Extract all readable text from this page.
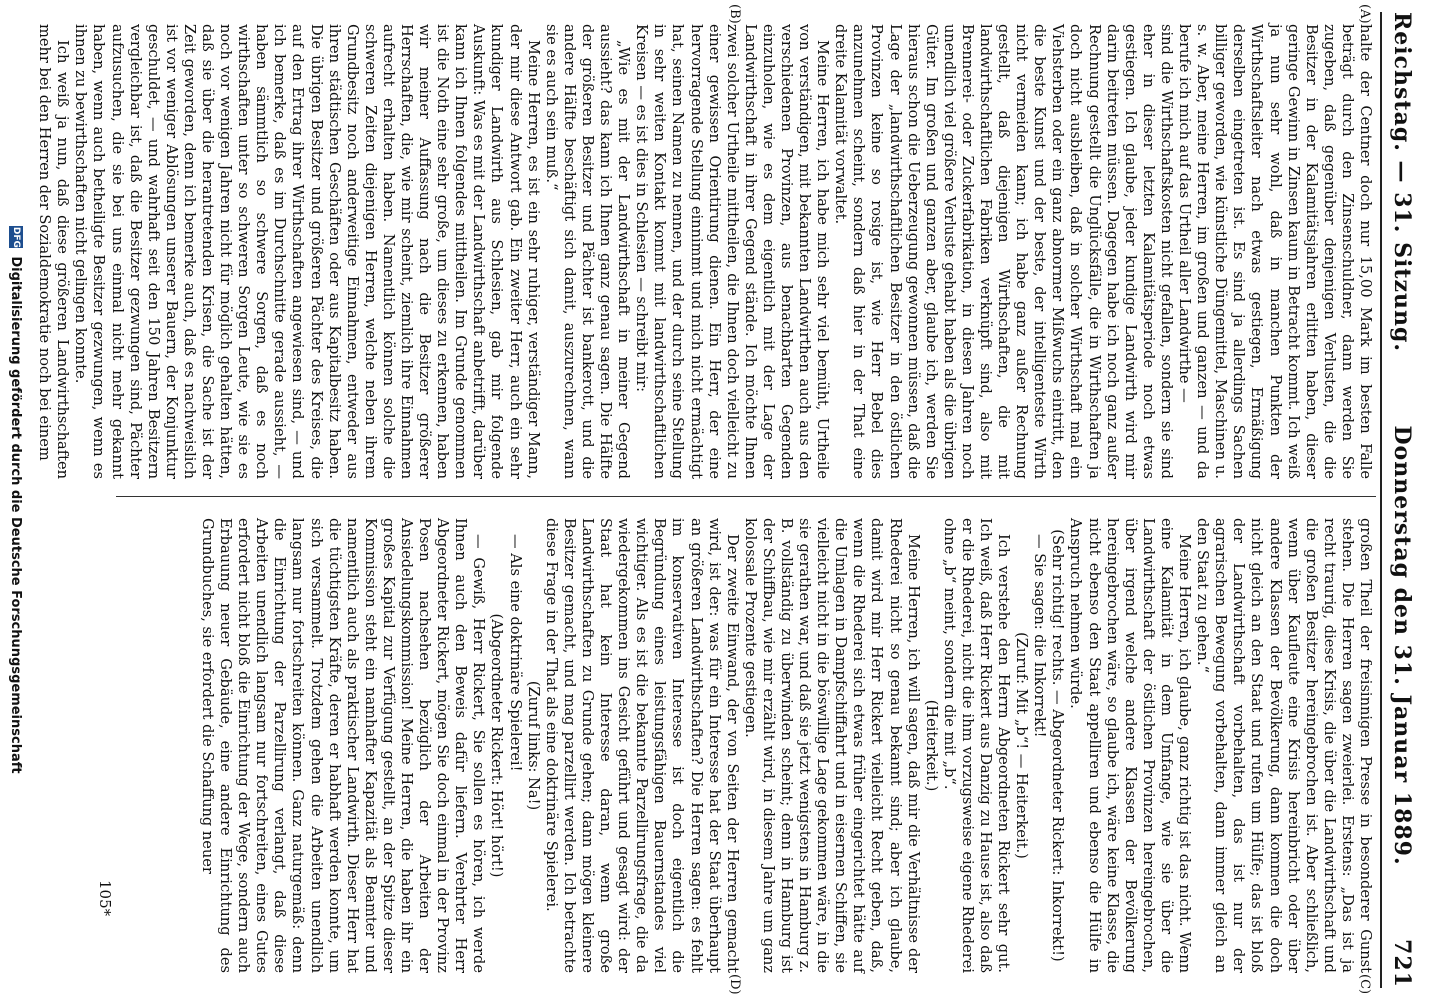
Reichstag. — 31. Sitzung.
Donnerstag den 31. Januar 1889.
721
(A)
(B)
(C)
(D)

halte der Centner doch nur 15,00 Mark im besten Falle beträgt durch den Zinsenschuldner, dann werden Sie zugeben, daß gegenüber denjenigen Verlusten, die die Besitzer in der Kalamitätsjahren erlitten haben, dieser geringe Gewinn in Zinsen kaum in Betracht kommt. Ich weiß ja nun sehr wohl, daß in manchen Punkten der Wirthschaftsleiter nach etwas gestiegen, Ermäßigung derselben eingetreten ist. Es sind ja allerdings Sachen billiger geworden, wie künstliche Düngemittel, Maschinen u. s. w. Aber, meine Herren, im großen und ganzen — und da berufe ich mich auf das Urtheil aller Landwirthe —

sind die Wirthschaftskosten nicht gefallen, sondern sie sind eher in dieser letzten Kalamitätsperiode noch etwas gestiegen. Ich glaube, jeder kundige Landwirth wird mir darin beitreten müssen. Dagegen habe ich noch ganz außer Rechnung gestellt die Unglücksfälle, die in Wirthschaften ja doch nicht ausbleiben, daß in solcher Wirthschaft mal ein Viehsterben oder ein ganz abnormer Mißwuchs eintritt, den die beste Kunst und der beste, der intelligenteste Wirth nicht vermeiden kann; ich habe ganz außer Rechnung gestellt, daß diejenigen Wirthschaften, die mit landwirthschaftlichen Fabriken verknüpft sind, also mit Brennerei- oder Zuckerfabrikation, in diesen Jahren noch unendlich viel größere Verluste gehabt haben als die übrigen Güter. Im großen und ganzen aber, glaube ich, werden Sie hieraus schon die Ueberzeugung gewonnen müssen, daß die Lage der „landwirthschaftlichen Besitzer in den östlichen Provinzen keine so rosige ist, wie Herr Bebel dies anzunehmen scheint, sondern daß hier in der That eine dreite Kalamität vorwaltet.

Meine Herren, ich habe mich sehr viel bemüht, Urtheile von verständigen, mit bekannten Landwirthen auch aus den verschiedenen Provinzen, aus benachbarten Gegenden einzuholen, wie es dem eigentlich mit der Lage der Landwirthschaft in ihrer Gegend stände. Ich möchte Ihnen zwei solcher Urtheile mittheilen, die Ihnen doch vielleicht zu einer gewissen Orientirung dienen. Ein Herr, der eine hervorragende Stellung einnimmt und mich nicht ermächtigt hat, seinen Namen zu nennen, und der durch seine Stellung in sehr weiten Kontakt kommt mit landwirthschaftlichen Kreisen — es ist dies in Schlesien — schreibt mir:

„Wie es mit der Landwirthschaft in meiner Gegend aussieht? das kann ich Ihnen ganz genau sagen. Die Hälfte der größeren Besitzer und Pächter ist bankerott, und die andere Hälfte beschäftigt sich damit, auszurechnen, wann sie es auch sein muß.“

Meine Herren, es ist ein sehr ruhiger, verständiger Mann, der mir diese Antwort gab. Ein zweiter Herr, auch ein sehr kundiger Landwirth aus Schlesien, gab mir folgende Auskunft: Was es mit der Landwirthschaft anbetrifft, darüber kann ich Ihnen folgendes mittheilen. Im Grunde genommen ist die Noth eine sehr große, um dieses zu erkennen, haben wir meiner Auffassung nach die Besitzer größerer Herrschaften, die, wie mir scheint, ziemlich ihre Einnahmen aufrecht erhalten haben. Namentlich können solche die schweren Zeiten diejenigen Herren, welche neben ihrem Grundbesitz noch anderweitige Einnahmen, entweder aus ihren städtischen Geschäften oder aus Kapitalbesitz haben. Die übrigen Besitzer und größeren Pächter des Kreises, die auf den Ertrag ihrer Wirthschaften angewiesen sind, — und ich bemerke, daß es im Durchschnitte gerade aussieht, — haben sämmtlich so schwere Sorgen, daß es noch wirthschaften unter so schweren Sorgen Leute, wie sie es noch vor wenigen Jahren nicht für möglich gehalten hätten, daß sie über die herantretenden Krisen, die Sache ist der Zeit geworden, denn ich bemerke auch, daß es nachweislich ist vor weniger Ablösungen unserer Bauern, der Konjunktur geschuldet, — und wahrhaft seit den 150 Jahren Besitzern vergleichbar ist, daß die Besitzer gezwungen sind, Pächter aufzusuchen, die sie bei uns einmal nicht mehr gekannt haben, wenn auch betheiligte Besitzer gezwungen, wenn es ihnen zu bewirthschaften nicht gelingen konnte.

Ich weiß ja nun, daß diese größeren Landwirthschaften mehr bei den Herren der Sozialdemokratie noch bei einem

großen Theil der freisinnigen Presse in besonderer Gunst stehen. Die Herren sagen zweierlei. Erstens: „Das ist ja recht traurig, diese Krisis, die über die Landwirthschaft und die großen Besitzer hereingebrochen ist. Aber schließlich, wenn über Kaufleute eine Krisis hereinbricht oder über andere Klassen der Bevölkerung, dann kommen die doch nicht gleich an den Staat und rufen um Hülfe; das ist bloß der Landwirthschaft vorbehalten, das ist nur der agrarischen Bewegung vorbehalten, dann immer gleich an den Staat zu gehen.“

Meine Herren, ich glaube, ganz richtig ist das nicht. Wenn eine Kalamität in dem Umfange, wie sie über die Landwirthschaft der östlichen Provinzen hereingebrochen, über irgend welche andere Klassen der Bevölkerung hereingebrochen wäre, so glaube ich, wäre keine Klasse, die nicht ebenso den Staat appelliren und ebenso die Hülfe in Anspruch nehmen würde.

(Sehr richtig! rechts. — Abgeordneter Rickert: Inkorrekt!)

— Sie sagen: die Inkorrekt!

(Zuruf: Mit „b“! — Heiterkeit.)

Ich verstehe den Herrn Abgeordneten Rickert sehr gut. Ich weiß, daß Herr Rickert aus Danzig zu Hause ist, also daß er die Rhederei, nicht die ihm vorzugsweise eigene Rhederei ohne „b“ meint, sondern die mit „b“.

(Heiterkeit.)

Meine Herren, ich will sagen, daß mir die Verhältnisse der Rhederei nicht so genau bekannt sind; aber ich glaube, damit wird mir Herr Rickert vielleicht Recht geben, daß, wenn die Rhederei sich etwas früher eingerichtet hätte auf die Umlagen in Dampfschiffahrt und in eisernen Schiffen, sie vielleicht nicht in die böswillige Lage gekommen wäre, in die sie gerathen war, und daß sie jetzt wenigstens in Hamburg z. B. vollständig zu überwinden scheint; denn in Hamburg ist der Schiffbau, wie mir erzählt wird, in diesem Jahre um ganz kolossale Prozente gestiegen.

Der zweite Einwand, der von Seiten der Herren gemacht wird, ist der: was für ein Interesse hat der Staat überhaupt an größeren Landwirthschaften? Die Herren sagen: es fehlt im konservativen Interesse ist doch eigentlich die Begründung eines leistungsfähigen Bauernstandes viel wichtiger. Als es ist die bekannte Parzellirungsfrage, die da wiedergekommen ins Gesicht geführt und gesagt wird: der Staat hat kein Interesse daran, wenn große Landwirthschaften zu Grunde gehen; dann mögen kleinere Besitzer gemacht, und mag parzellirt werden. Ich betrachte diese Frage in der That als eine doktrinäre Spielerei.

(Zuruf links: Na!)

— Als eine doktrinäre Spielerei!

(Abgeordneter Rickert: Hört! hört!)

— Gewiß, Herr Rickert, Sie sollen es hören, ich werde Ihnen auch den Beweis dafür liefern. Verehrter Herr Abgeordneter Rickert, mögen Sie doch einmal in der Provinz Posen nachsehen bezüglich der Arbeiten der Ansiedelungskommission! Meine Herren, die haben ihr ein großes Kapital zur Verfügung gestellt, an der Spitze dieser Kommission steht ein namhafter Kapazität als Beamter und namentlich auch als praktischer Landwirth. Dieser Herr hat die tüchtigsten Kräfte, deren er habhaft werden konnte, um sich versammelt. Trotzdem gehen die Arbeiten unendlich langsam nur fortschreiten können. Ganz naturgemäß: denn die Einrichtung der Parzellirung verlangt, daß diese Arbeiten unendlich langsam nur fortschreiten, eines Gutes erfordert nicht bloß die Einrichtung der Wege, sondern auch Erbauung neuer Gebäude, eine andere Einrichtung des Grundbuches, sie erfordert die Schaffung neuer

105*
DFG
Digitalisierung gefördert durch die Deutsche Forschungsgemeinschaft
